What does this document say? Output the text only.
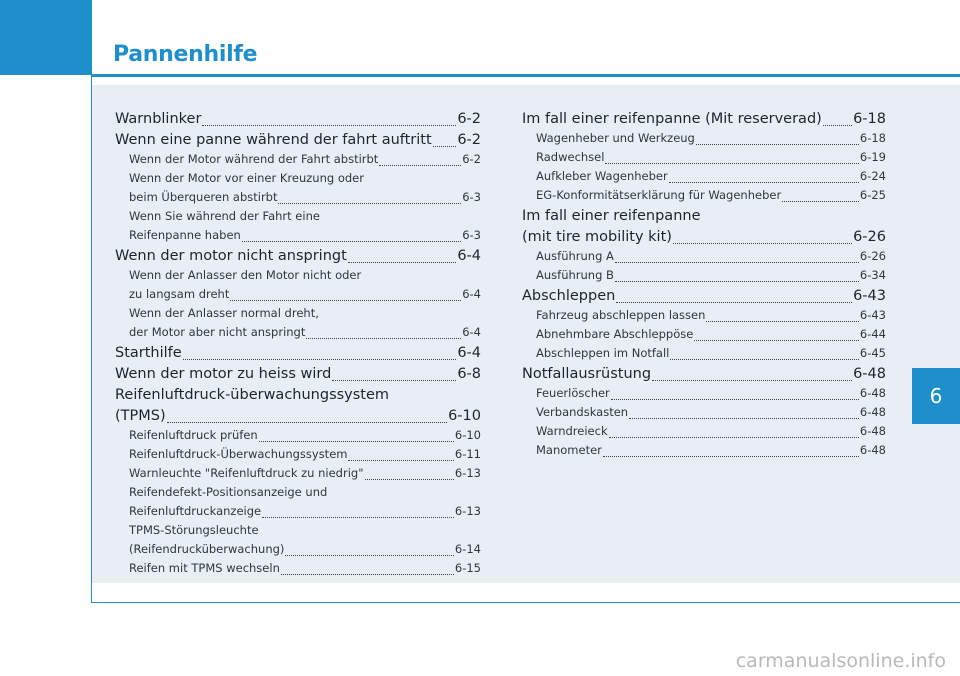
Pannenhilfe
6
Warnblinker	6-2
Wenn eine panne während der fahrt auftritt 6-2
Wenn der Motor während der Fahrt abstirbt	6-2
Wenn der Motor vor einer Kreuzung oder
beim Überqueren abstirbt	6-3
Wenn Sie während der Fahrt eine
Reifenpanne haben	6-3
Wenn der motor nicht anspringt	6-4
Wenn der Anlasser den Motor nicht oder
zu langsam dreht	6-4
Wenn der Anlasser normal dreht,
der Motor aber nicht anspringt	6-4
Starthilfe	6-4
Wenn der motor zu heiss wird	6-8
Reifenluftdruck-überwachungssystem
(TPMS)	6-10
Reifenluftdruck prüfen	6-10
Reifenluftdruck-Überwachungssystem	6-11
Warnleuchte "Reifenluftdruck zu niedrig"	6-13
Reifendefekt-Positionsanzeige und
Reifenluftdruckanzeige	6-13
TPMS-Störungsleuchte
(Reifendrucküberwachung)	6-14
Reifen mit TPMS wechseln	6-15
Im fall einer reifenpanne (Mit reserverad) 6-18
Wagenheber und Werkzeug	6-18
Radwechsel	6-19
Aufkleber Wagenheber	6-24
EG-Konformitätserklärung für Wagenheber	6-25
Im fall einer reifenpanne
(mit tire mobility kit)	6-26
Ausführung A	6-26
Ausführung B	6-34
Abschleppen	6-43
Fahrzeug abschleppen lassen	6-43
Abnehmbare Abschleppöse	6-44
Abschleppen im Notfall	6-45
Notfallausrüstung	6-48
Feuerlöscher	6-48
Verbandskasten	6-48
Warndreieck	6-48
Manometer	6-48
carmanualsonline.info
